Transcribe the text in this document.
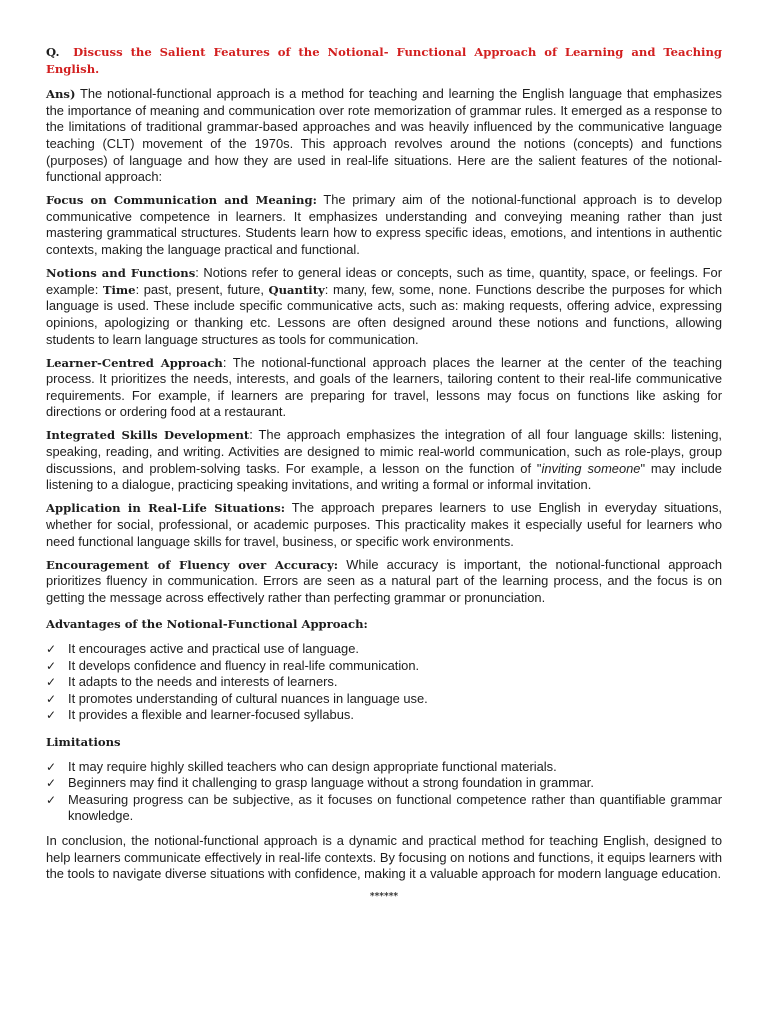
Q. Discuss the Salient Features of the Notional- Functional Approach of Learning and Teaching English.

Ans) The notional-functional approach is a method for teaching and learning the English language that emphasizes the importance of meaning and communication over rote memorization of grammar rules. It emerged as a response to the limitations of traditional grammar-based approaches and was heavily influenced by the communicative language teaching (CLT) movement of the 1970s. This approach revolves around the notions (concepts) and functions (purposes) of language and how they are used in real-life situations. Here are the salient features of the notional-functional approach:

Focus on Communication and Meaning: The primary aim of the notional-functional approach is to develop communicative competence in learners. It emphasizes understanding and conveying meaning rather than just mastering grammatical structures. Students learn how to express specific ideas, emotions, and intentions in authentic contexts, making the language practical and functional.

Notions and Functions: Notions refer to general ideas or concepts, such as time, quantity, space, or feelings. For example: Time: past, present, future, Quantity: many, few, some, none. Functions describe the purposes for which language is used. These include specific communicative acts, such as: making requests, offering advice, expressing opinions, apologizing or thanking etc. Lessons are often designed around these notions and functions, allowing students to learn language structures as tools for communication.

Learner-Centred Approach: The notional-functional approach places the learner at the center of the teaching process. It prioritizes the needs, interests, and goals of the learners, tailoring content to their real-life communicative requirements. For example, if learners are preparing for travel, lessons may focus on functions like asking for directions or ordering food at a restaurant.

Integrated Skills Development: The approach emphasizes the integration of all four language skills: listening, speaking, reading, and writing. Activities are designed to mimic real-world communication, such as role-plays, group discussions, and problem-solving tasks. For example, a lesson on the function of "inviting someone" may include listening to a dialogue, practicing speaking invitations, and writing a formal or informal invitation.

Application in Real-Life Situations: The approach prepares learners to use English in everyday situations, whether for social, professional, or academic purposes. This practicality makes it especially useful for learners who need functional language skills for travel, business, or specific work environments.

Encouragement of Fluency over Accuracy: While accuracy is important, the notional-functional approach prioritizes fluency in communication. Errors are seen as a natural part of the learning process, and the focus is on getting the message across effectively rather than perfecting grammar or pronunciation.

Advantages of the Notional-Functional Approach:

✓ It encourages active and practical use of language.
✓ It develops confidence and fluency in real-life communication.
✓ It adapts to the needs and interests of learners.
✓ It promotes understanding of cultural nuances in language use.
✓ It provides a flexible and learner-focused syllabus.

Limitations

✓ It may require highly skilled teachers who can design appropriate functional materials.
✓ Beginners may find it challenging to grasp language without a strong foundation in grammar.
✓ Measuring progress can be subjective, as it focuses on functional competence rather than quantifiable grammar knowledge.

In conclusion, the notional-functional approach is a dynamic and practical method for teaching English, designed to help learners communicate effectively in real-life contexts. By focusing on notions and functions, it equips learners with the tools to navigate diverse situations with confidence, making it a valuable approach for modern language education.

******
